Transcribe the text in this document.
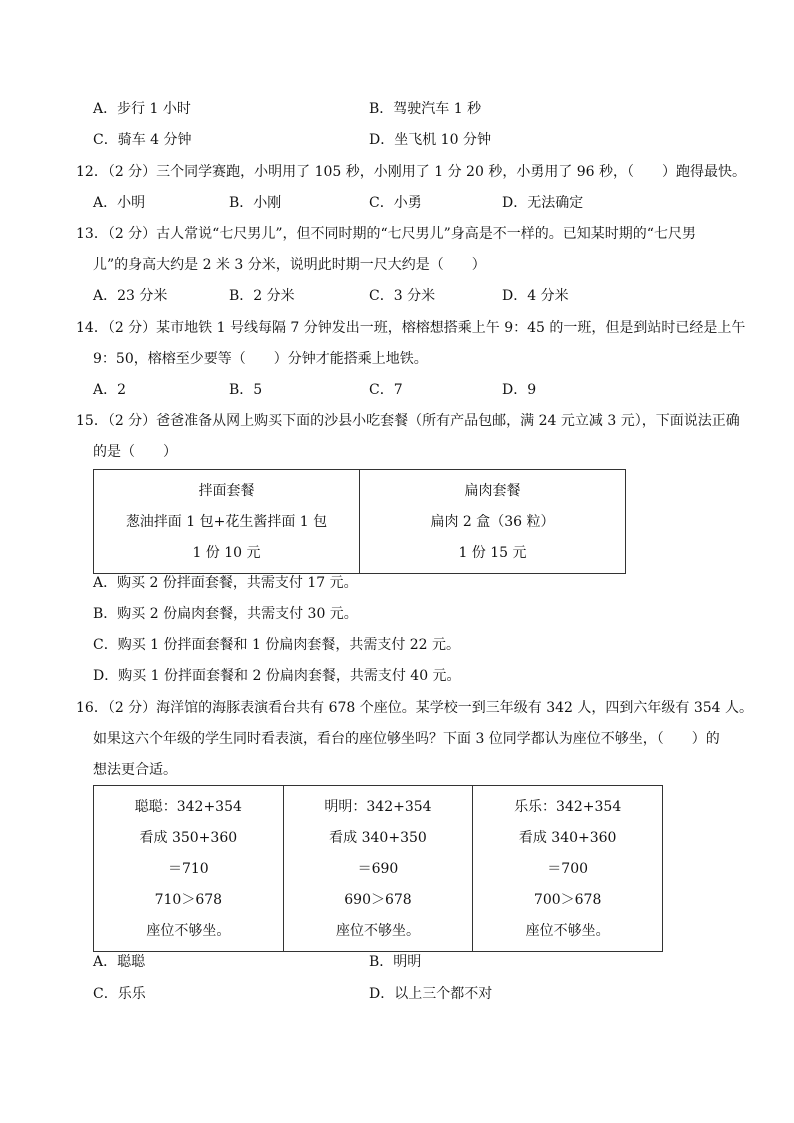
A．步行 1 小时	B．驾驶汽车 1 秒
C．骑车 4 分钟	D．坐飞机 10 分钟
12．（2 分）三个同学赛跑，小明用了 105 秒，小刚用了 1 分 20 秒，小勇用了 96 秒，（　　）跑得最快。
A．小明	B．小刚	C．小勇	D．无法确定
13．（2 分）古人常说“七尺男儿”，但不同时期的“七尺男儿”身高是不一样的。已知某时期的“七尺男
儿”的身高大约是 2 米 3 分米，说明此时期一尺大约是（　　）
A．23 分米	B．2 分米	C．3 分米	D．4 分米
14．（2 分）某市地铁 1 号线每隔 7 分钟发出一班，榕榕想搭乘上午 9：45 的一班，但是到站时已经是上午
9：50，榕榕至少要等（　　）分钟才能搭乘上地铁。
A．2	B．5	C．7	D．9
15．（2 分）爸爸准备从网上购买下面的沙县小吃套餐（所有产品包邮，满 24 元立减 3 元），下面说法正确
的是（　　）
拌面套餐
葱油拌面 1 包+花生酱拌面 1 包
1 份 10 元

扁肉套餐
扁肉 2 盒（36 粒）
1 份 15 元
A．购买 2 份拌面套餐，共需支付 17 元。
B．购买 2 份扁肉套餐，共需支付 30 元。
C．购买 1 份拌面套餐和 1 份扁肉套餐，共需支付 22 元。
D．购买 1 份拌面套餐和 2 份扁肉套餐，共需支付 40 元。
16．（2 分）海洋馆的海豚表演看台共有 678 个座位。某学校一到三年级有 342 人，四到六年级有 354 人。
如果这六个年级的学生同时看表演，看台的座位够坐吗？下面 3 位同学都认为座位不够坐，（　　）的
想法更合适。
聪聪：342+354
看成 350+360
＝710
710＞678
座位不够坐。

明明：342+354
看成 340+350
＝690
690＞678
座位不够坐。

乐乐：342+354
看成 340+360
＝700
700＞678
座位不够坐。
A．聪聪	B．明明
C．乐乐	D．以上三个都不对
